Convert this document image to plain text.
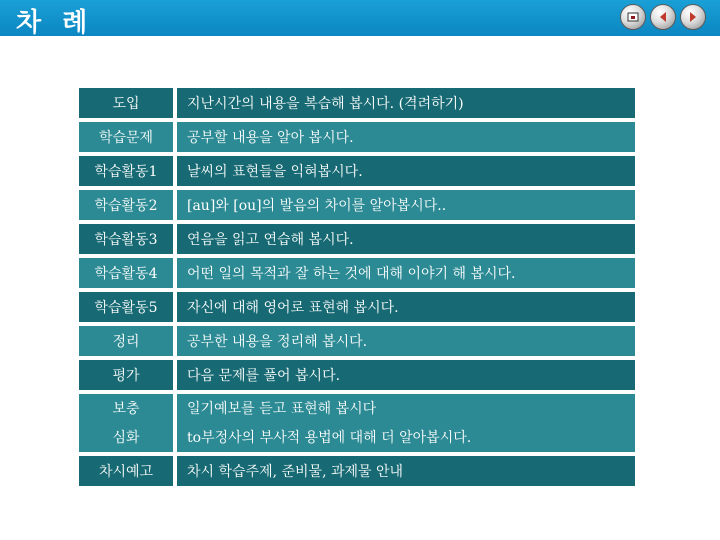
차 례
도입	지난시간의 내용을 복습해 봅시다. (격려하기)
학습문제	공부할 내용을 알아 봅시다.
학습활동1	날씨의 표현들을 익혀봅시다.
학습활동2	[au]와 [ou]의 발음의 차이를 알아봅시다..
학습활동3	연음을 읽고 연습해 봅시다.
학습활동4	어떤 일의 목적과 잘 하는 것에 대해 이야기 해 봅시다.
학습활동5	자신에 대해 영어로 표현해 봅시다.
정리	공부한 내용을 정리해 봅시다.
평가	다음 문제를 풀어 봅시다.
보충	일기예보를 듣고 표현해 봅시다
심화	to부정사의 부사적 용법에 대해 더 알아봅시다.
차시예고	차시 학습주제, 준비물, 과제물 안내
